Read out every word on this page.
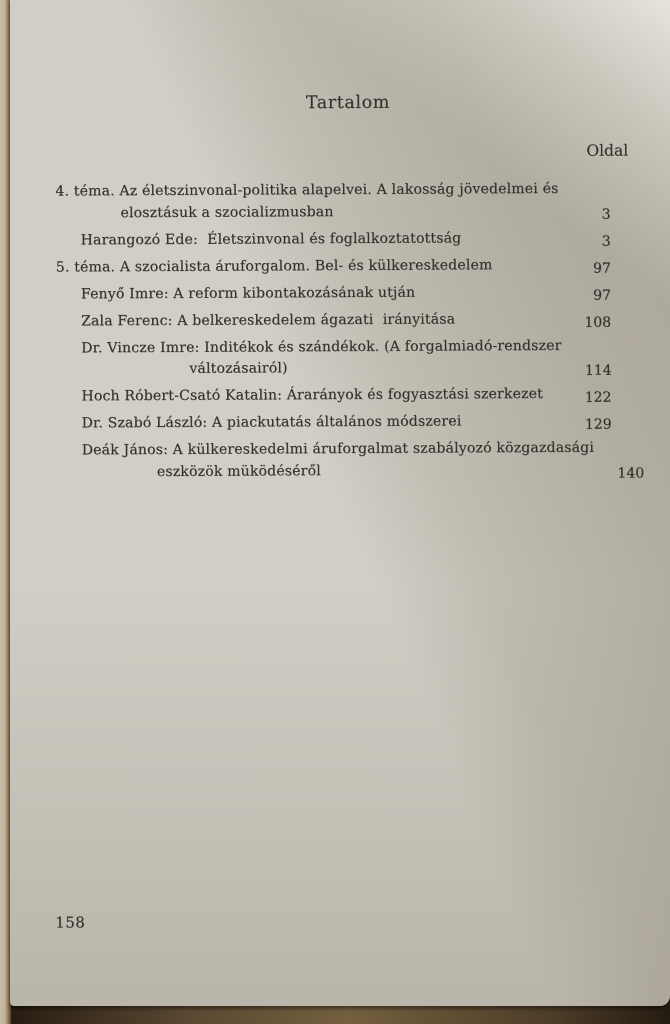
Tartalom
Oldal
4. téma. Az életszinvonal-politika alapelvei. A lakosság jövedelmei és
elosztásuk a szocializmusban	3
Harangozó Ede:  Életszinvonal és foglalkoztatottság	3
5. téma. A szocialista áruforgalom. Bel- és külkereskedelem	97
Fenyő Imre: A reform kibontakozásának utján	97
Zala Ferenc: A belkereskedelem ágazati  irányitása	108
Dr. Vincze Imre: Inditékok és szándékok. (A forgalmiadó-rendszer
változásairól)	114
Hoch Róbert-Csató Katalin: Árarányok és fogyasztási szerkezet	122
Dr. Szabó László: A piackutatás általános módszerei	129
Deák János: A külkereskedelmi áruforgalmat szabályozó közgazdasági
eszközök müködéséről	140
158
